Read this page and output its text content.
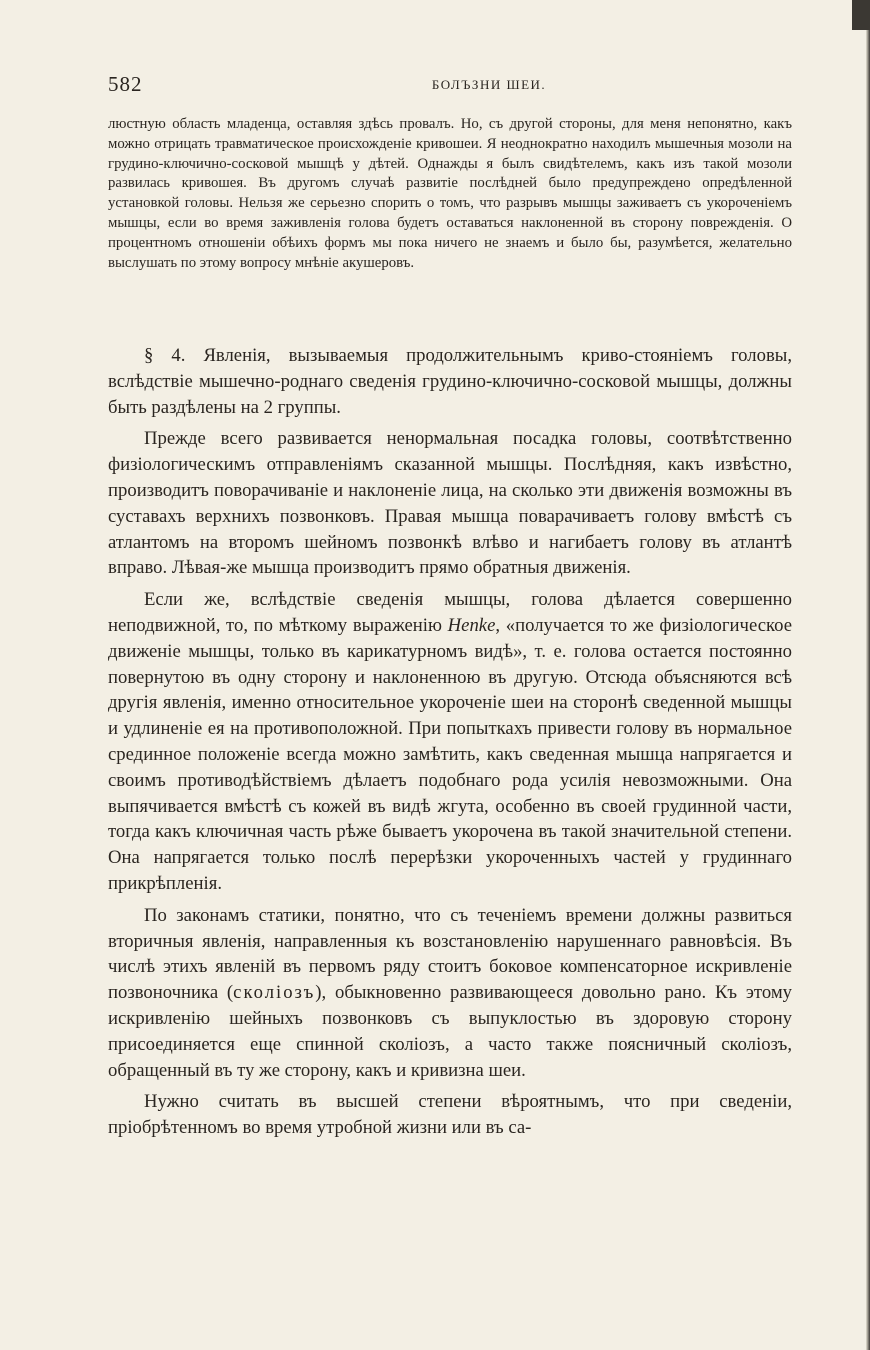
582	БОЛЪЗНИ ШЕИ.

люстную область младенца, оставляя здѣсь провалъ. Но, съ другой стороны, для меня непонятно, какъ можно отрицать травматическое происхожденіе кривошеи. Я неоднократно находилъ мышечныя мозоли на грудино-ключично-сосковой мышцѣ у дѣтей. Однажды я былъ свидѣтелемъ, какъ изъ такой мозоли развилась кривошея. Въ другомъ случаѣ развитіе послѣдней было предупреждено опредѣленной установкой головы. Нельзя же серьезно спорить о томъ, что разрывъ мышцы заживаетъ съ укороченіемъ мышцы, если во время заживленія голова будетъ оставаться наклоненной въ сторону поврежденія. О процентномъ отношеніи обѣихъ формъ мы пока ничего не знаемъ и было бы, разумѣется, желательно выслушать по этому вопросу мнѣніе акушеровъ.

§ 4. Явленія, вызываемыя продолжительнымъ криво-стояніемъ головы, вслѣдствіе мышечно-роднаго сведенія грудино-ключично-сосковой мышцы, должны быть раздѣлены на 2 группы.

Прежде всего развивается ненормальная посадка головы, соотвѣтственно физіологическимъ отправленіямъ сказанной мышцы. Послѣдняя, какъ извѣстно, производитъ поворачиваніе и наклоненіе лица, на сколько эти движенія возможны въ суставахъ верхнихъ позвонковъ. Правая мышца поварачиваетъ голову вмѣстѣ съ атлантомъ на второмъ шейномъ позвонкѣ влѣво и нагибаетъ голову въ атлантѣ вправо. Лѣвая-же мышца производитъ прямо обратныя движенія.

Если же, вслѣдствіе сведенія мышцы, голова дѣлается совершенно неподвижной, то, по мѣткому выраженію Henke, «получается то же физіологическое движеніе мышцы, только въ карикатурномъ видѣ», т. е. голова остается постоянно повернутою въ одну сторону и наклоненною въ другую. Отсюда объясняются всѣ другія явленія, именно относительное укороченіе шеи на сторонѣ сведенной мышцы и удлиненіе ея на противоположной. При попыткахъ привести голову въ нормальное срединное положеніе всегда можно замѣтить, какъ сведенная мышца напрягается и своимъ противодѣйствіемъ дѣлаетъ подобнаго рода усилія невозможными. Она выпячивается вмѣстѣ съ кожей въ видѣ жгута, особенно въ своей грудинной части, тогда какъ ключичная часть рѣже бываетъ укорочена въ такой значительной степени. Она напрягается только послѣ перерѣзки укороченныхъ частей у грудиннаго прикрѣпленія.

По законамъ статики, понятно, что съ теченіемъ времени должны развиться вторичныя явленія, направленныя къ возстановленію нарушеннаго равновѣсія. Въ числѣ этихъ явленій въ первомъ ряду стоитъ боковое компенсаторное искривленіе позвоночника (сколіозъ), обыкновенно развивающееся довольно рано. Къ этому искривленію шейныхъ позвонковъ съ выпуклостью въ здоровую сторону присоединяется еще спинной сколіозъ, а часто также поясничный сколіозъ, обращенный въ ту же сторону, какъ и кривизна шеи.

Нужно считать въ высшей степени вѣроятнымъ, что при сведеніи, пріобрѣтенномъ во время утробной жизни или въ са-
